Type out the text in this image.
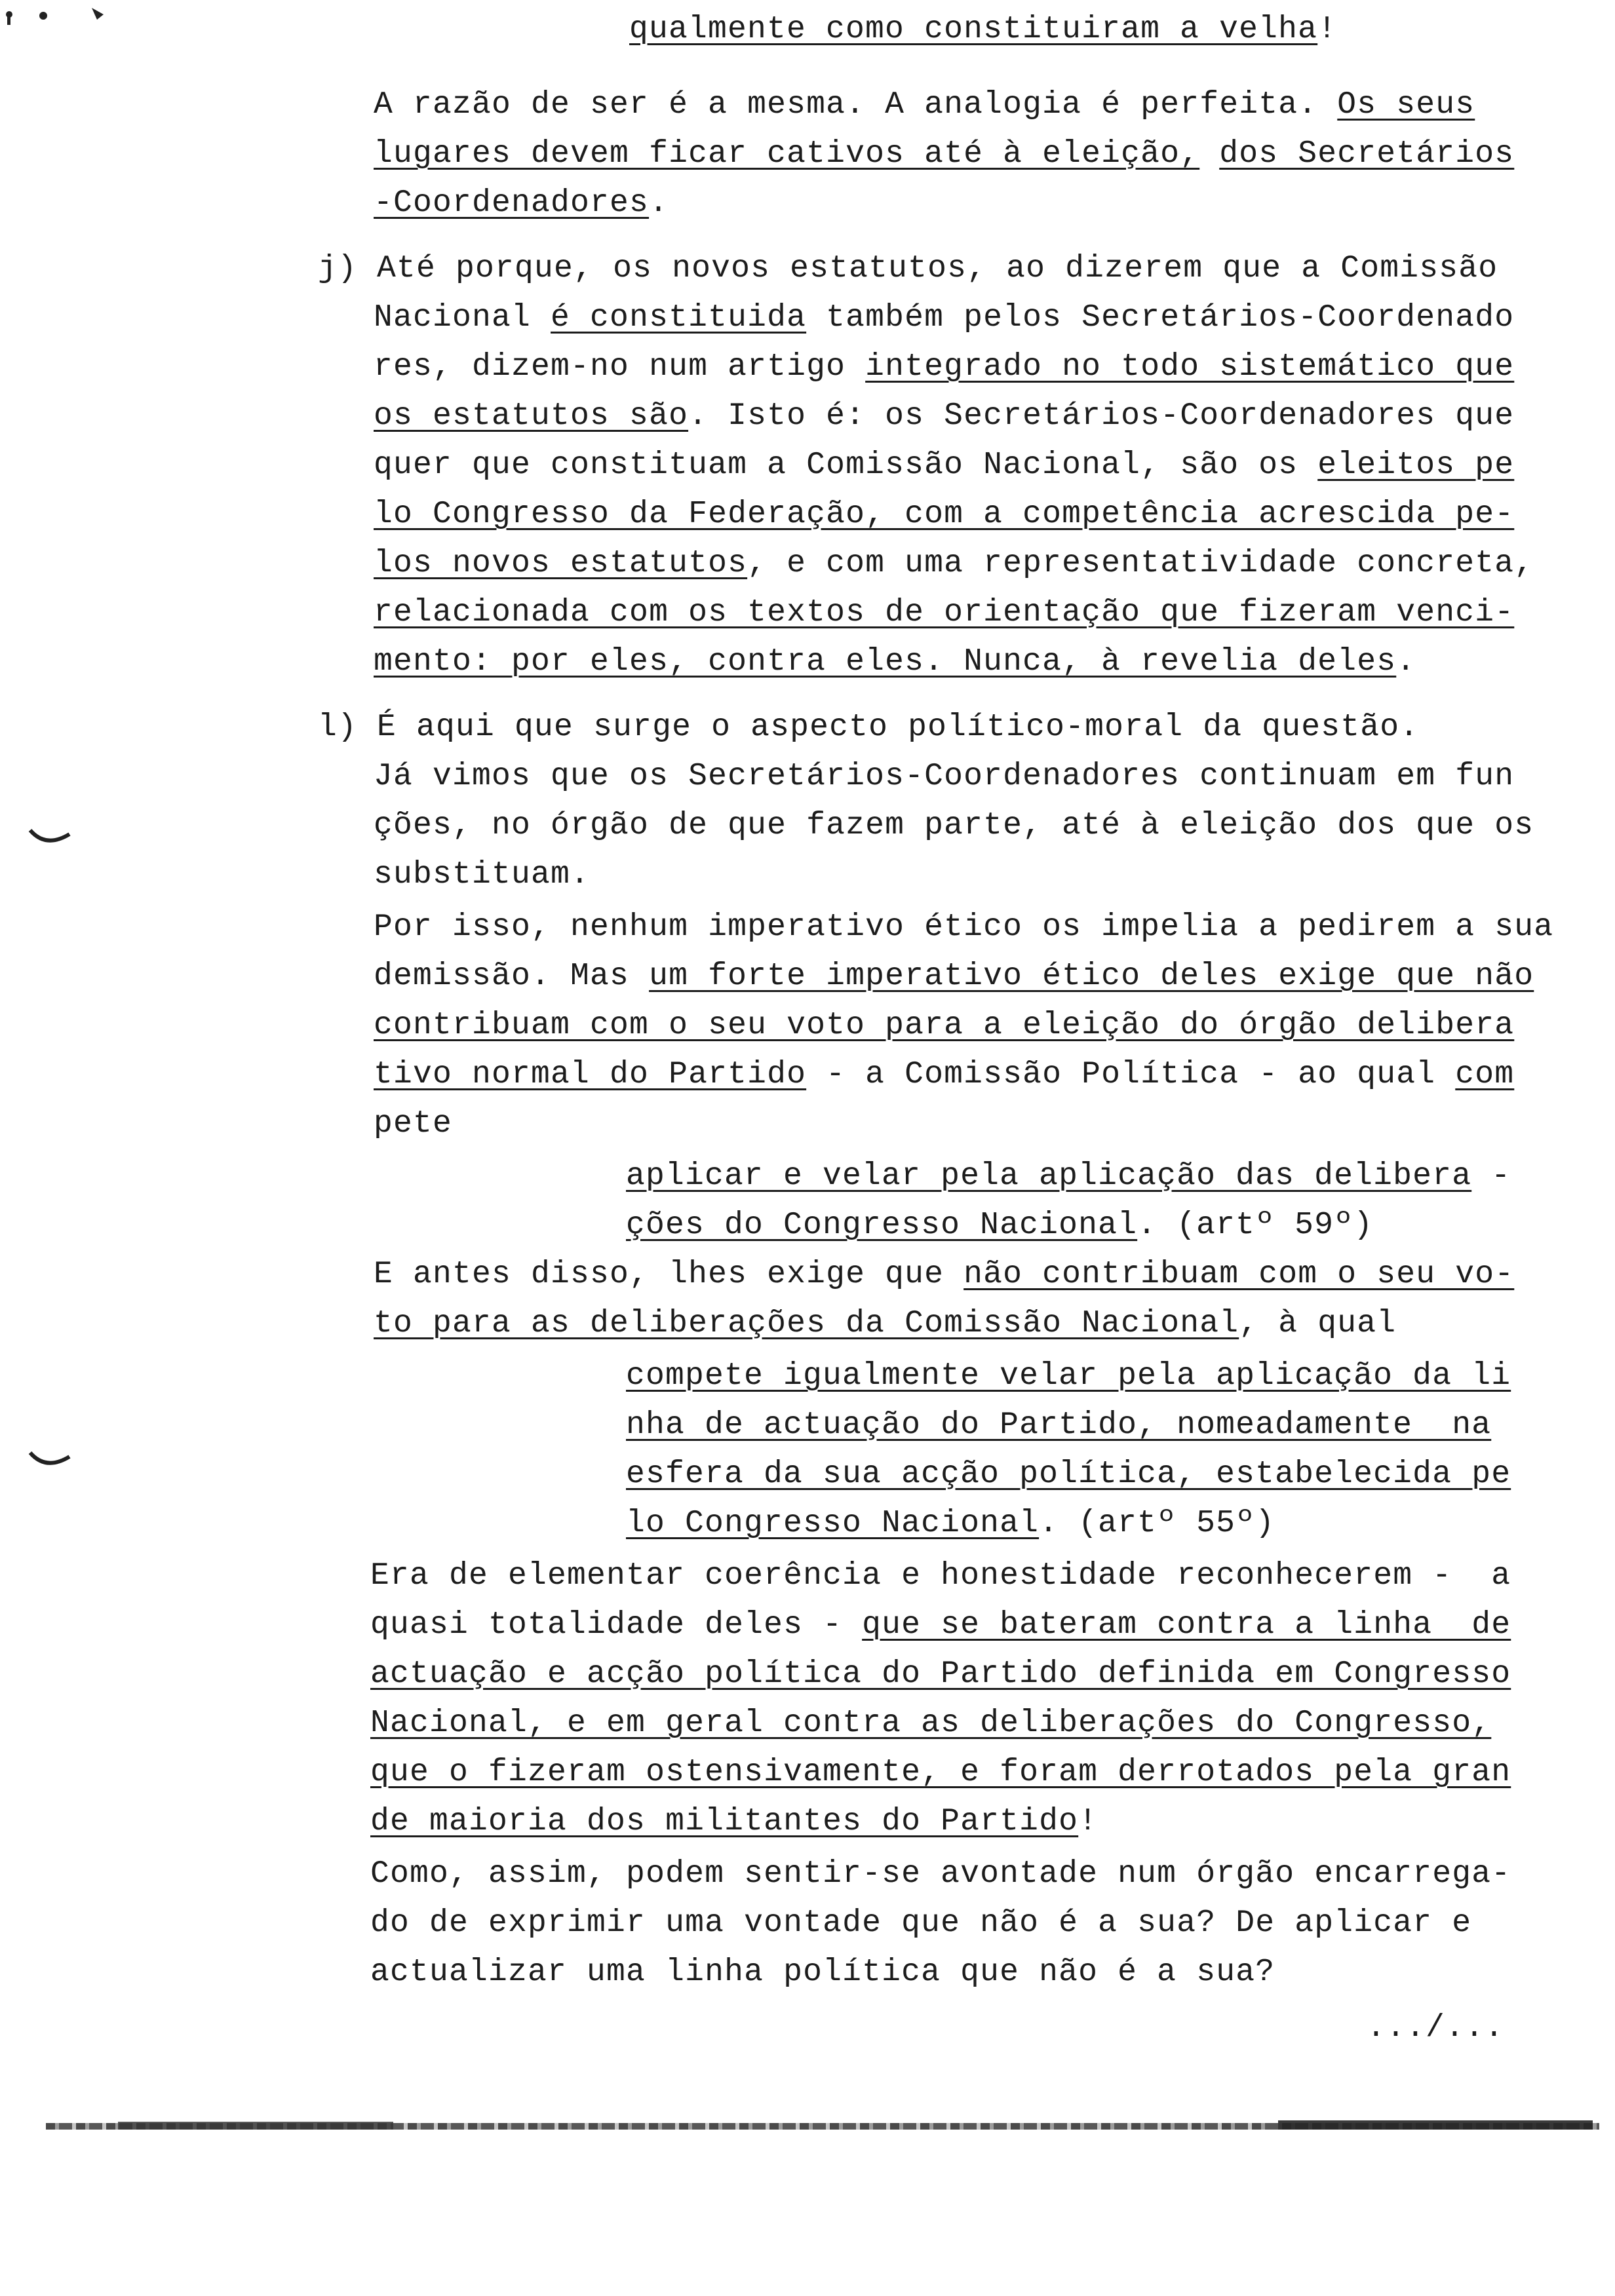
qualmente como constituiram a velha!
A razão de ser é a mesma. A analogia é perfeita. Os seus
lugares devem ficar cativos até à eleição, dos Secretários
-Coordenadores.
j) Até porque, os novos estatutos, ao dizerem que a Comissão
Nacional é constituida também pelos Secretários-Coordenado
res, dizem-no num artigo integrado no todo sistemático que
os estatutos são. Isto é: os Secretários-Coordenadores que
quer que constituam a Comissão Nacional, são os eleitos pe
lo Congresso da Federação, com a competência acrescida pe-
los novos estatutos, e com uma representatividade concreta,
relacionada com os textos de orientação que fizeram venci-
mento: por eles, contra eles. Nunca, à revelia deles.
l) É aqui que surge o aspecto político-moral da questão.
Já vimos que os Secretários-Coordenadores continuam em fun
ções, no órgão de que fazem parte, até à eleição dos que os
substituam.
Por isso, nenhum imperativo ético os impelia a pedirem a sua
demissão. Mas um forte imperativo ético deles exige que não
contribuam com o seu voto para a eleição do órgão delibera
tivo normal do Partido - a Comissão Política - ao qual com
pete
aplicar e velar pela aplicação das delibera -
ções do Congresso Nacional. (artº 59º)
E antes disso, lhes exige que não contribuam com o seu vo-
to para as deliberações da Comissão Nacional, à qual
compete igualmente velar pela aplicação da li
nha de actuação do Partido, nomeadamente  na
esfera da sua acção política, estabelecida pe
lo Congresso Nacional. (artº 55º)
Era de elementar coerência e honestidade reconhecerem -  a
quasi totalidade deles - que se bateram contra a linha  de
actuação e acção política do Partido definida em Congresso
Nacional, e em geral contra as deliberações do Congresso,
que o fizeram ostensivamente, e foram derrotados pela gran
de maioria dos militantes do Partido!
Como, assim, podem sentir-se avontade num órgão encarrega-
do de exprimir uma vontade que não é a sua? De aplicar e
actualizar uma linha política que não é a sua?
.../...
